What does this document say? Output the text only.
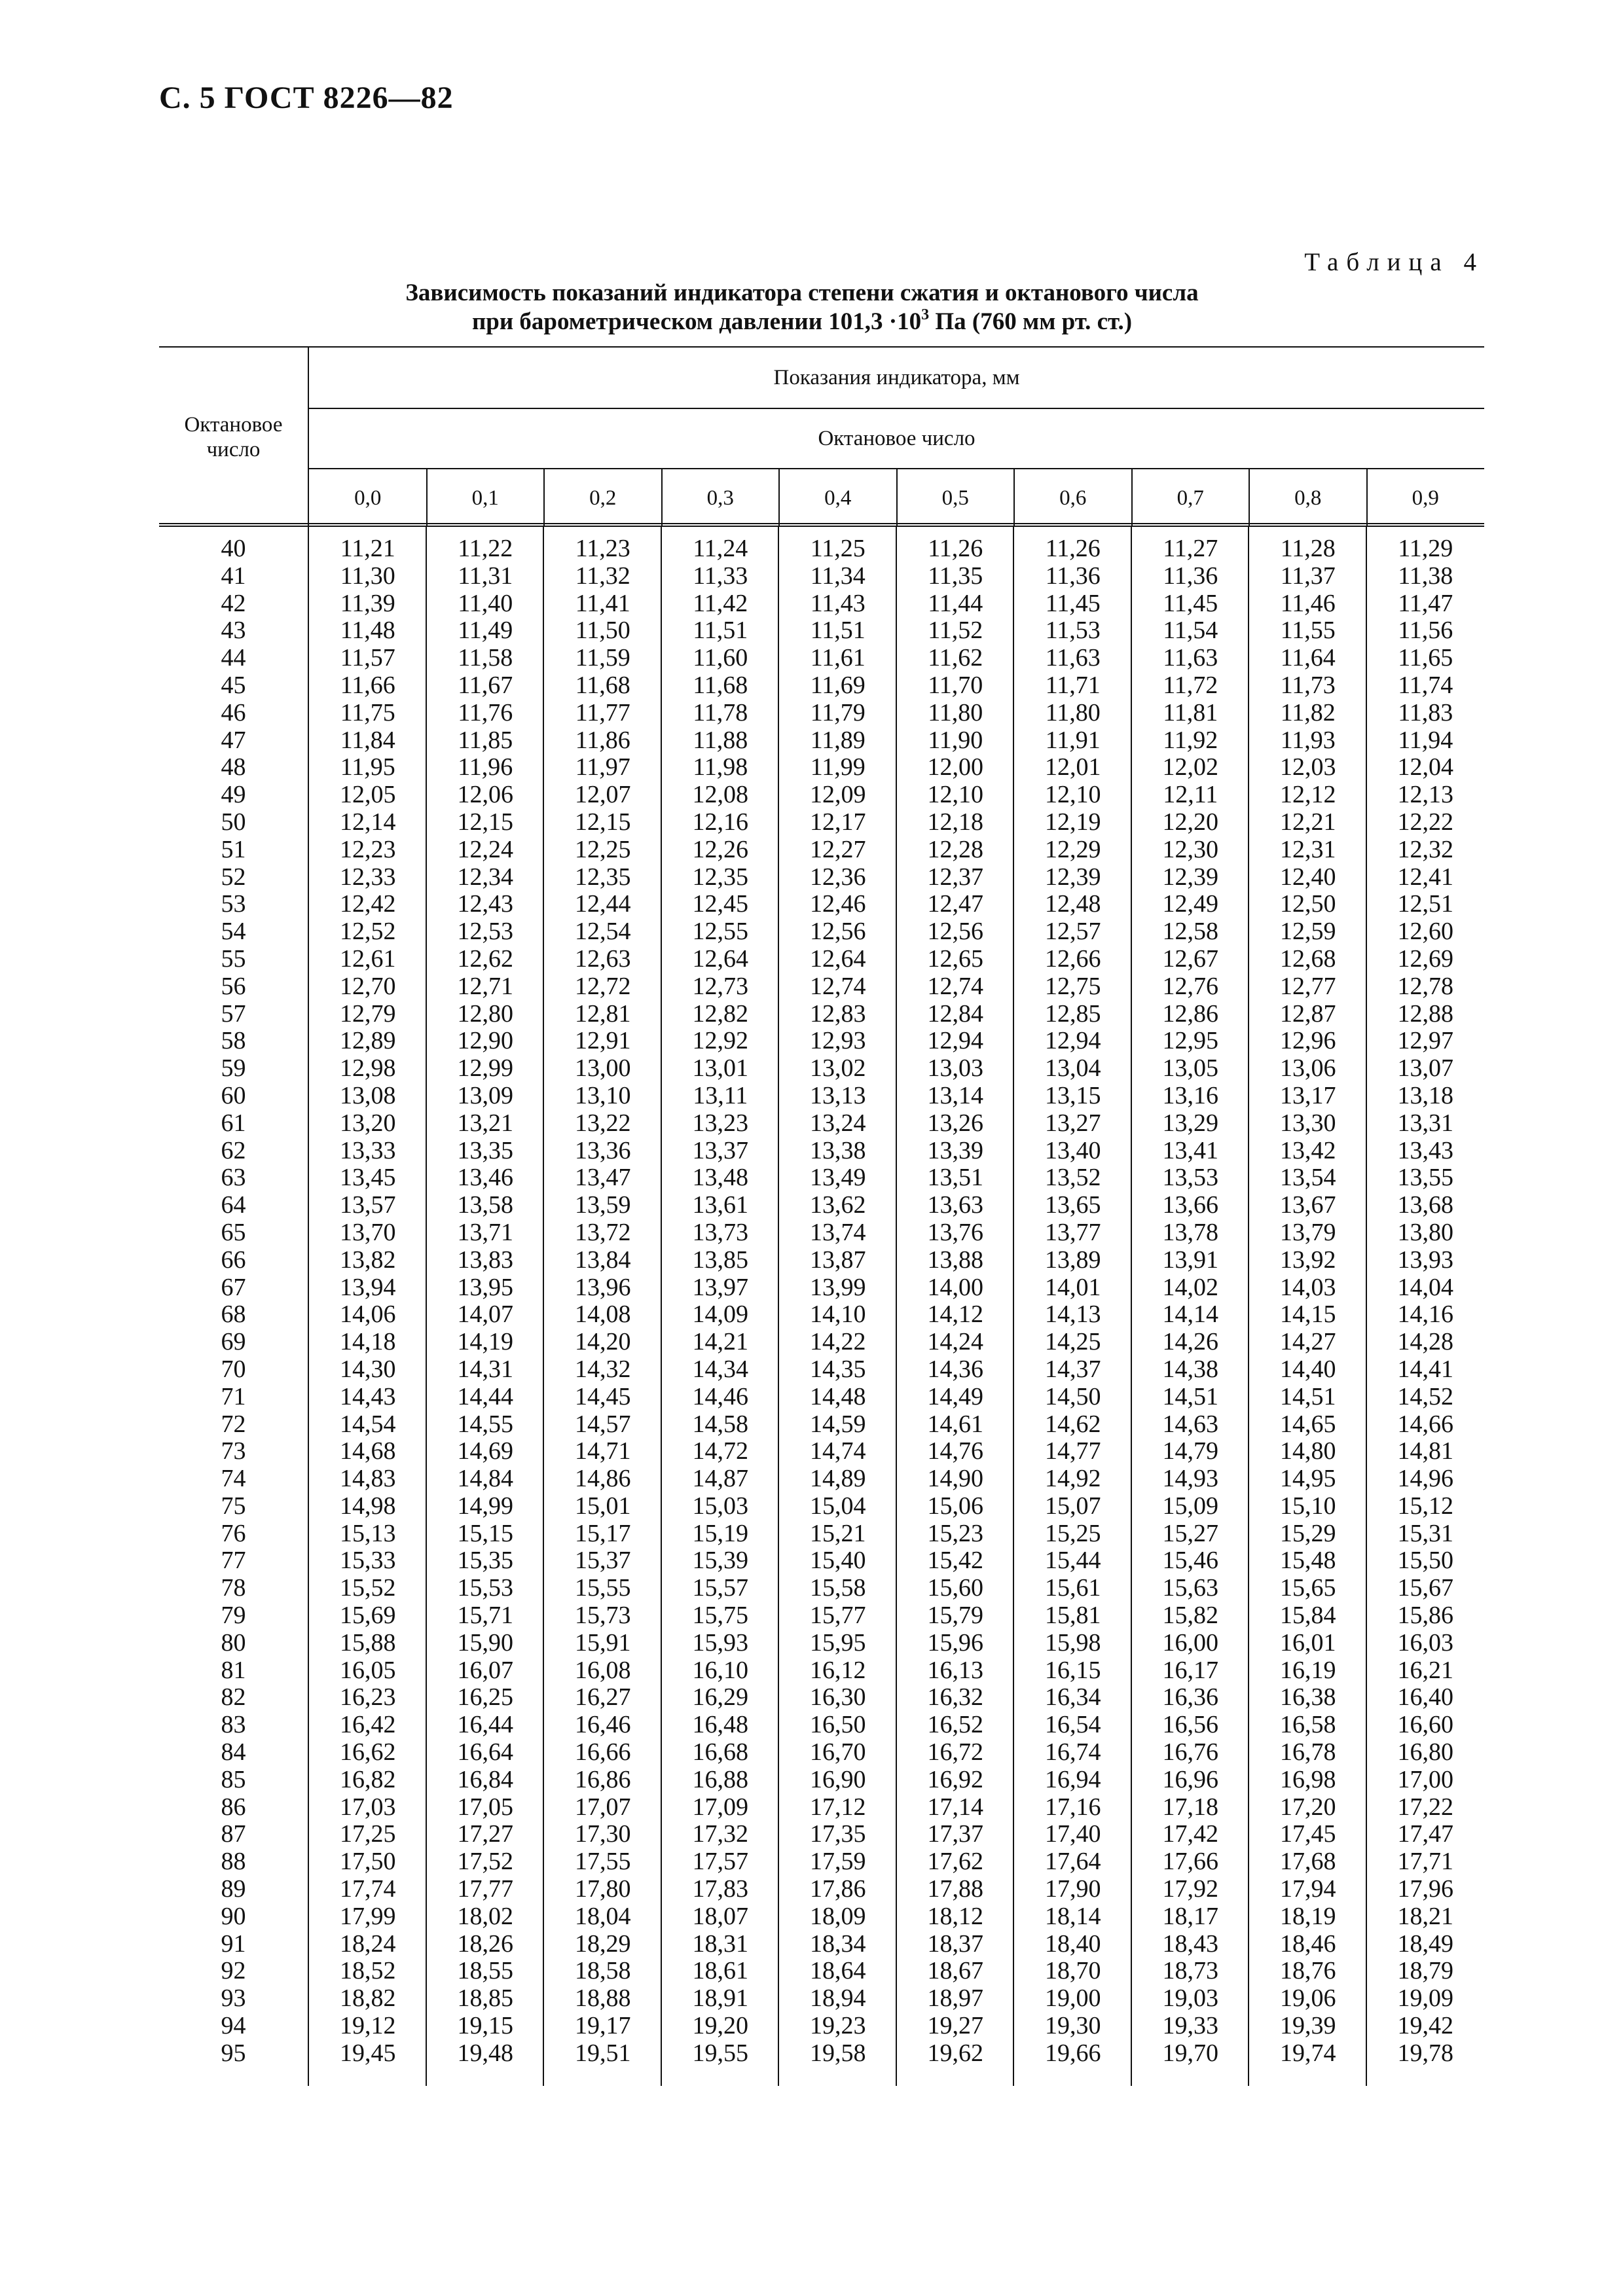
С. 5 ГОСТ 8226—82
Таблица 4
Зависимость показаний индикатора степени сжатия и октанового числа
при барометрическом давлении $101,3 \cdot 10^3$ Па (760 мм рт. ст.)
Октановое число
Показания индикатора, мм
Октановое число
0,0	0,1	0,2	0,3	0,4	0,5	0,6	0,7	0,8	0,9
40	11,21	11,22	11,23	11,24	11,25	11,26	11,26	11,27	11,28	11,29
41	11,30	11,31	11,32	11,33	11,34	11,35	11,36	11,36	11,37	11,38
42	11,39	11,40	11,41	11,42	11,43	11,44	11,45	11,45	11,46	11,47
43	11,48	11,49	11,50	11,51	11,51	11,52	11,53	11,54	11,55	11,56
44	11,57	11,58	11,59	11,60	11,61	11,62	11,63	11,63	11,64	11,65
45	11,66	11,67	11,68	11,68	11,69	11,70	11,71	11,72	11,73	11,74
46	11,75	11,76	11,77	11,78	11,79	11,80	11,80	11,81	11,82	11,83
47	11,84	11,85	11,86	11,88	11,89	11,90	11,91	11,92	11,93	11,94
48	11,95	11,96	11,97	11,98	11,99	12,00	12,01	12,02	12,03	12,04
49	12,05	12,06	12,07	12,08	12,09	12,10	12,10	12,11	12,12	12,13
50	12,14	12,15	12,15	12,16	12,17	12,18	12,19	12,20	12,21	12,22
51	12,23	12,24	12,25	12,26	12,27	12,28	12,29	12,30	12,31	12,32
52	12,33	12,34	12,35	12,35	12,36	12,37	12,39	12,39	12,40	12,41
53	12,42	12,43	12,44	12,45	12,46	12,47	12,48	12,49	12,50	12,51
54	12,52	12,53	12,54	12,55	12,56	12,56	12,57	12,58	12,59	12,60
55	12,61	12,62	12,63	12,64	12,64	12,65	12,66	12,67	12,68	12,69
56	12,70	12,71	12,72	12,73	12,74	12,74	12,75	12,76	12,77	12,78
57	12,79	12,80	12,81	12,82	12,83	12,84	12,85	12,86	12,87	12,88
58	12,89	12,90	12,91	12,92	12,93	12,94	12,94	12,95	12,96	12,97
59	12,98	12,99	13,00	13,01	13,02	13,03	13,04	13,05	13,06	13,07
60	13,08	13,09	13,10	13,11	13,13	13,14	13,15	13,16	13,17	13,18
61	13,20	13,21	13,22	13,23	13,24	13,26	13,27	13,29	13,30	13,31
62	13,33	13,35	13,36	13,37	13,38	13,39	13,40	13,41	13,42	13,43
63	13,45	13,46	13,47	13,48	13,49	13,51	13,52	13,53	13,54	13,55
64	13,57	13,58	13,59	13,61	13,62	13,63	13,65	13,66	13,67	13,68
65	13,70	13,71	13,72	13,73	13,74	13,76	13,77	13,78	13,79	13,80
66	13,82	13,83	13,84	13,85	13,87	13,88	13,89	13,91	13,92	13,93
67	13,94	13,95	13,96	13,97	13,99	14,00	14,01	14,02	14,03	14,04
68	14,06	14,07	14,08	14,09	14,10	14,12	14,13	14,14	14,15	14,16
69	14,18	14,19	14,20	14,21	14,22	14,24	14,25	14,26	14,27	14,28
70	14,30	14,31	14,32	14,34	14,35	14,36	14,37	14,38	14,40	14,41
71	14,43	14,44	14,45	14,46	14,48	14,49	14,50	14,51	14,51	14,52
72	14,54	14,55	14,57	14,58	14,59	14,61	14,62	14,63	14,65	14,66
73	14,68	14,69	14,71	14,72	14,74	14,76	14,77	14,79	14,80	14,81
74	14,83	14,84	14,86	14,87	14,89	14,90	14,92	14,93	14,95	14,96
75	14,98	14,99	15,01	15,03	15,04	15,06	15,07	15,09	15,10	15,12
76	15,13	15,15	15,17	15,19	15,21	15,23	15,25	15,27	15,29	15,31
77	15,33	15,35	15,37	15,39	15,40	15,42	15,44	15,46	15,48	15,50
78	15,52	15,53	15,55	15,57	15,58	15,60	15,61	15,63	15,65	15,67
79	15,69	15,71	15,73	15,75	15,77	15,79	15,81	15,82	15,84	15,86
80	15,88	15,90	15,91	15,93	15,95	15,96	15,98	16,00	16,01	16,03
81	16,05	16,07	16,08	16,10	16,12	16,13	16,15	16,17	16,19	16,21
82	16,23	16,25	16,27	16,29	16,30	16,32	16,34	16,36	16,38	16,40
83	16,42	16,44	16,46	16,48	16,50	16,52	16,54	16,56	16,58	16,60
84	16,62	16,64	16,66	16,68	16,70	16,72	16,74	16,76	16,78	16,80
85	16,82	16,84	16,86	16,88	16,90	16,92	16,94	16,96	16,98	17,00
86	17,03	17,05	17,07	17,09	17,12	17,14	17,16	17,18	17,20	17,22
87	17,25	17,27	17,30	17,32	17,35	17,37	17,40	17,42	17,45	17,47
88	17,50	17,52	17,55	17,57	17,59	17,62	17,64	17,66	17,68	17,71
89	17,74	17,77	17,80	17,83	17,86	17,88	17,90	17,92	17,94	17,96
90	17,99	18,02	18,04	18,07	18,09	18,12	18,14	18,17	18,19	18,21
91	18,24	18,26	18,29	18,31	18,34	18,37	18,40	18,43	18,46	18,49
92	18,52	18,55	18,58	18,61	18,64	18,67	18,70	18,73	18,76	18,79
93	18,82	18,85	18,88	18,91	18,94	18,97	19,00	19,03	19,06	19,09
94	19,12	19,15	19,17	19,20	19,23	19,27	19,30	19,33	19,39	19,42
95	19,45	19,48	19,51	19,55	19,58	19,62	19,66	19,70	19,74	19,78
